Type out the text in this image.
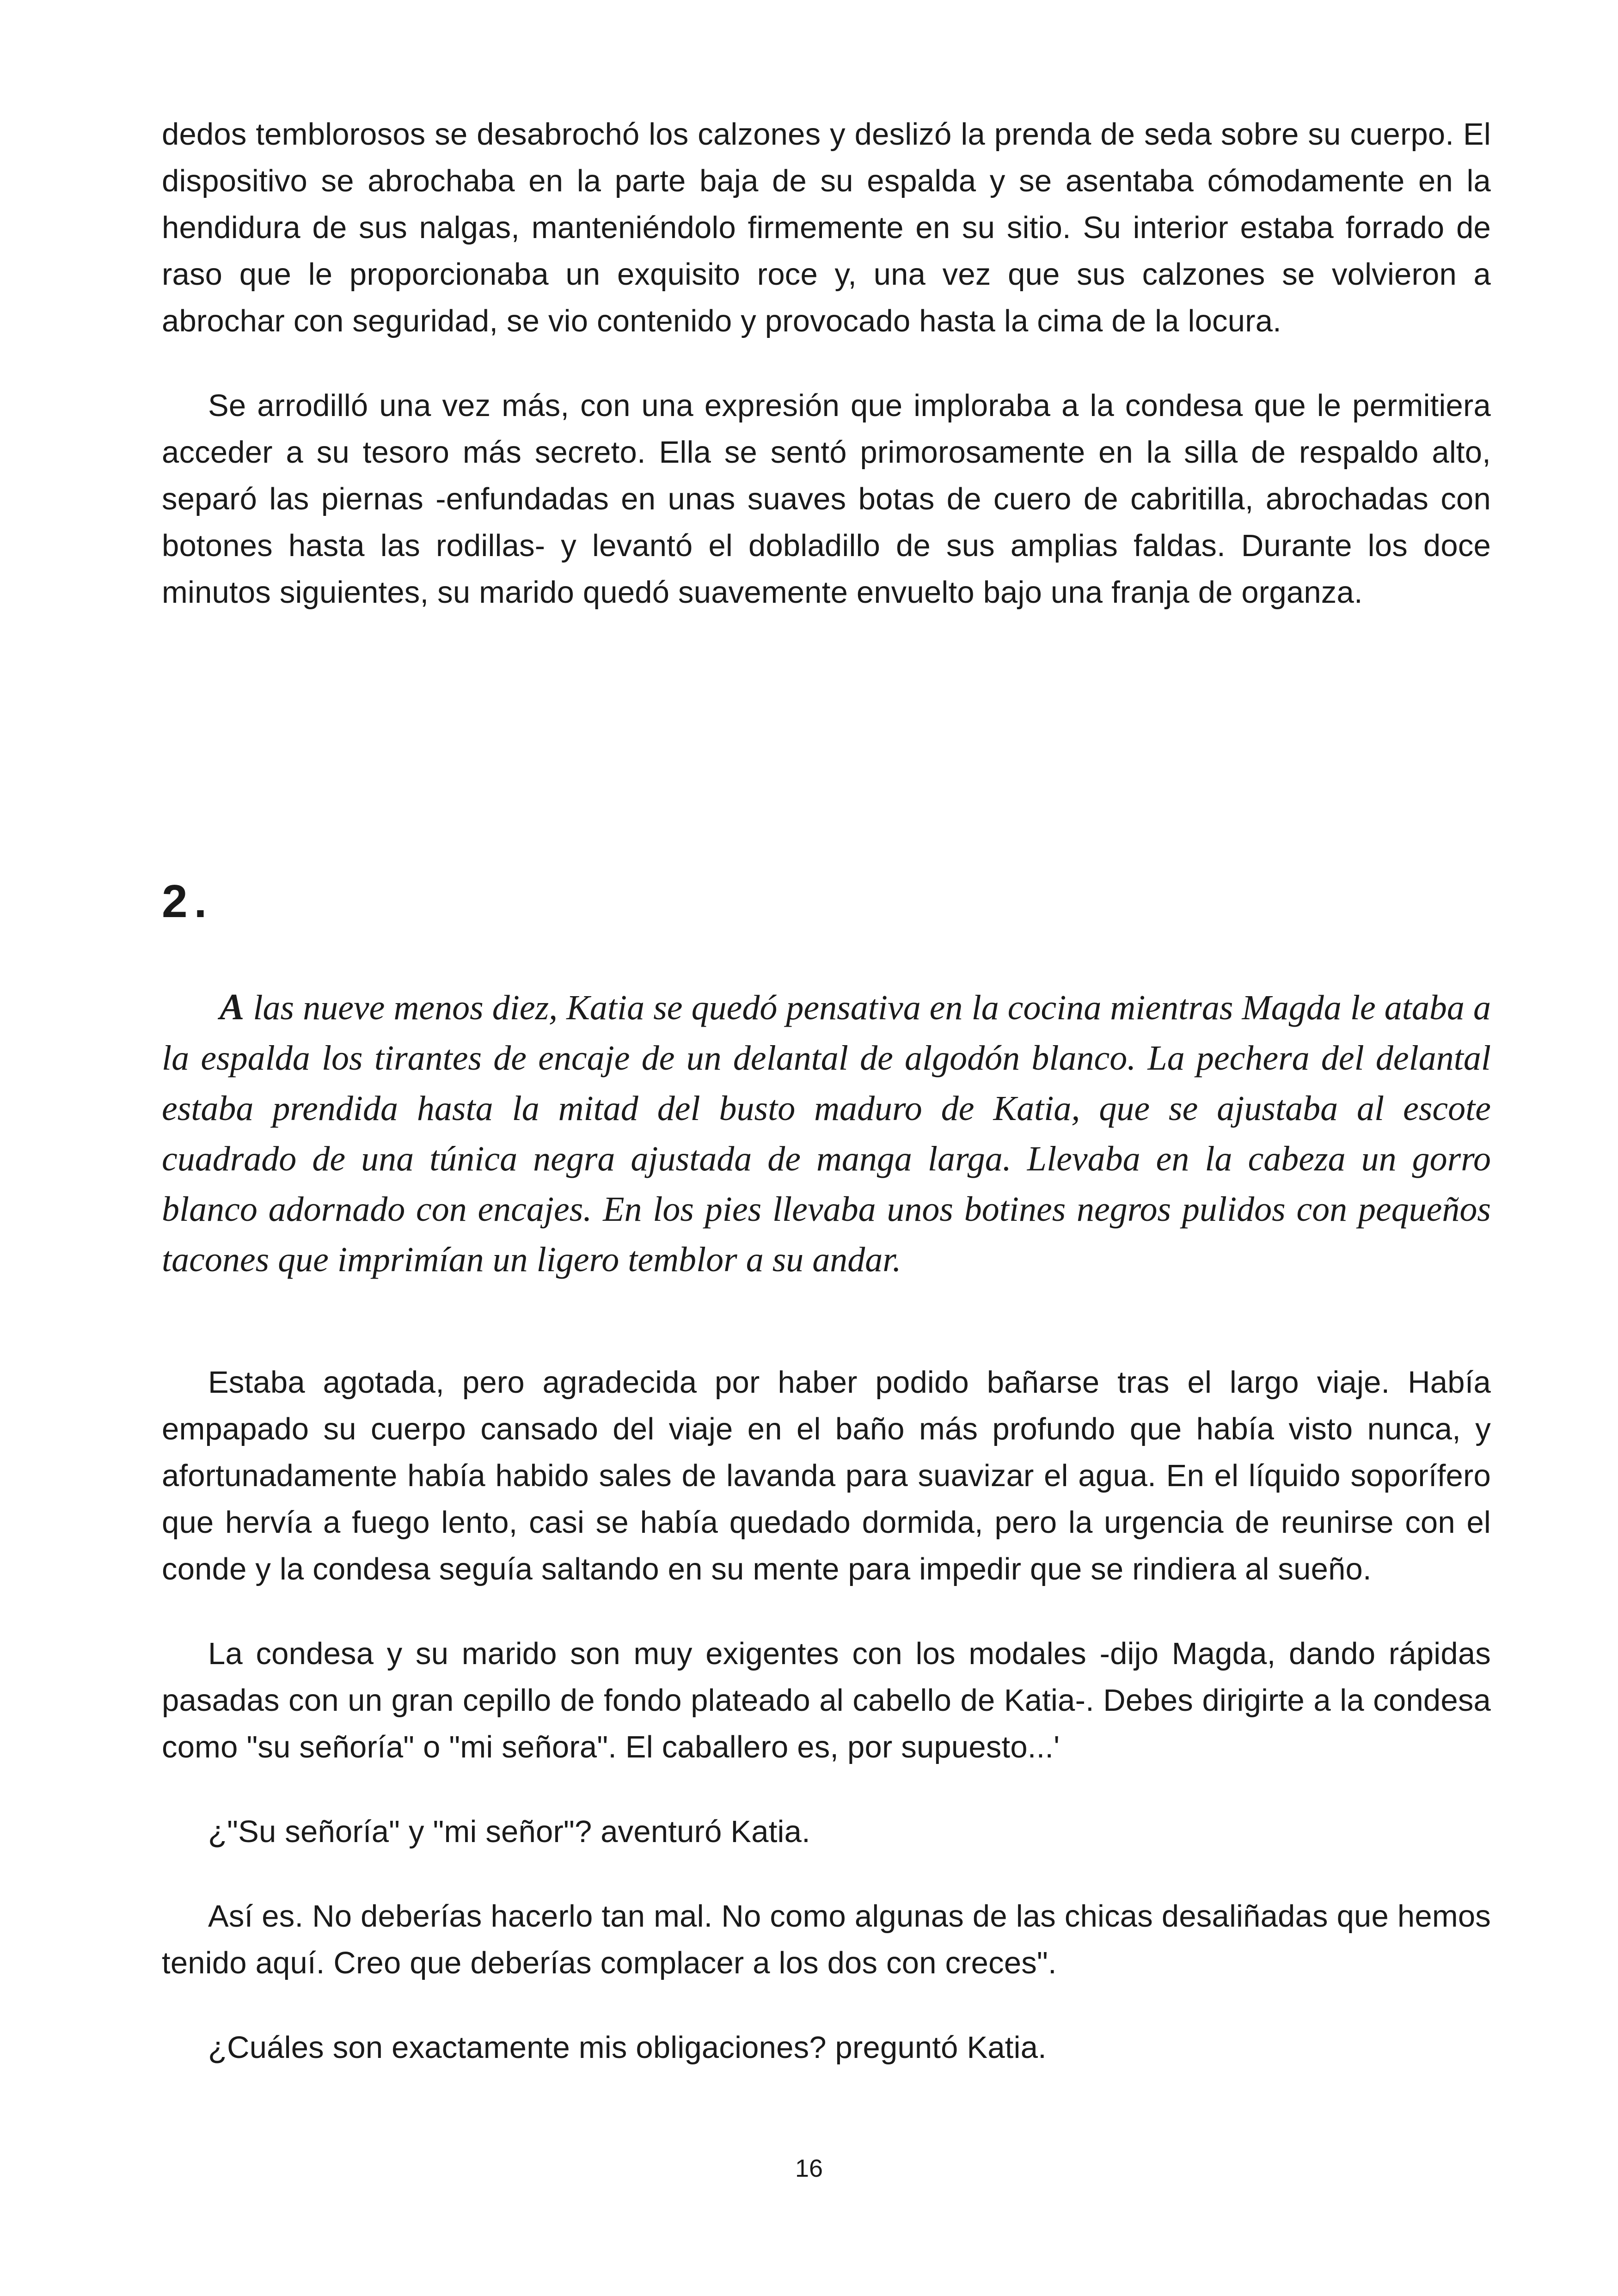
dedos temblorosos se desabrochó los calzones y deslizó la prenda de seda sobre su cuerpo. El dispositivo se abrochaba en la parte baja de su espalda y se asentaba cómodamente en la hendidura de sus nalgas, manteniéndolo firmemente en su sitio. Su interior estaba forrado de raso que le proporcionaba un exquisito roce y, una vez que sus calzones se volvieron a abrochar con seguridad, se vio contenido y provocado hasta la cima de la locura.

Se arrodilló una vez más, con una expresión que imploraba a la condesa que le permitiera acceder a su tesoro más secreto. Ella se sentó primorosamente en la silla de respaldo alto, separó las piernas -enfundadas en unas suaves botas de cuero de cabritilla, abrochadas con botones hasta las rodillas- y levantó el dobladillo de sus amplias faldas. Durante los doce minutos siguientes, su marido quedó suavemente envuelto bajo una franja de organza.

2.

A las nueve menos diez, Katia se quedó pensativa en la cocina mientras Magda le ataba a la espalda los tirantes de encaje de un delantal de algodón blanco. La pechera del delantal estaba prendida hasta la mitad del busto maduro de Katia, que se ajustaba al escote cuadrado de una túnica negra ajustada de manga larga. Llevaba en la cabeza un gorro blanco adornado con encajes. En los pies llevaba unos botines negros pulidos con pequeños tacones que imprimían un ligero temblor a su andar.

Estaba agotada, pero agradecida por haber podido bañarse tras el largo viaje. Había empapado su cuerpo cansado del viaje en el baño más profundo que había visto nunca, y afortunadamente había habido sales de lavanda para suavizar el agua. En el líquido soporífero que hervía a fuego lento, casi se había quedado dormida, pero la urgencia de reunirse con el conde y la condesa seguía saltando en su mente para impedir que se rindiera al sueño.

La condesa y su marido son muy exigentes con los modales -dijo Magda, dando rápidas pasadas con un gran cepillo de fondo plateado al cabello de Katia-. Debes dirigirte a la condesa como "su señoría" o "mi señora". El caballero es, por supuesto...'

¿"Su señoría" y "mi señor"? aventuró Katia.

Así es. No deberías hacerlo tan mal. No como algunas de las chicas desaliñadas que hemos tenido aquí. Creo que deberías complacer a los dos con creces".

¿Cuáles son exactamente mis obligaciones? preguntó Katia.

16
